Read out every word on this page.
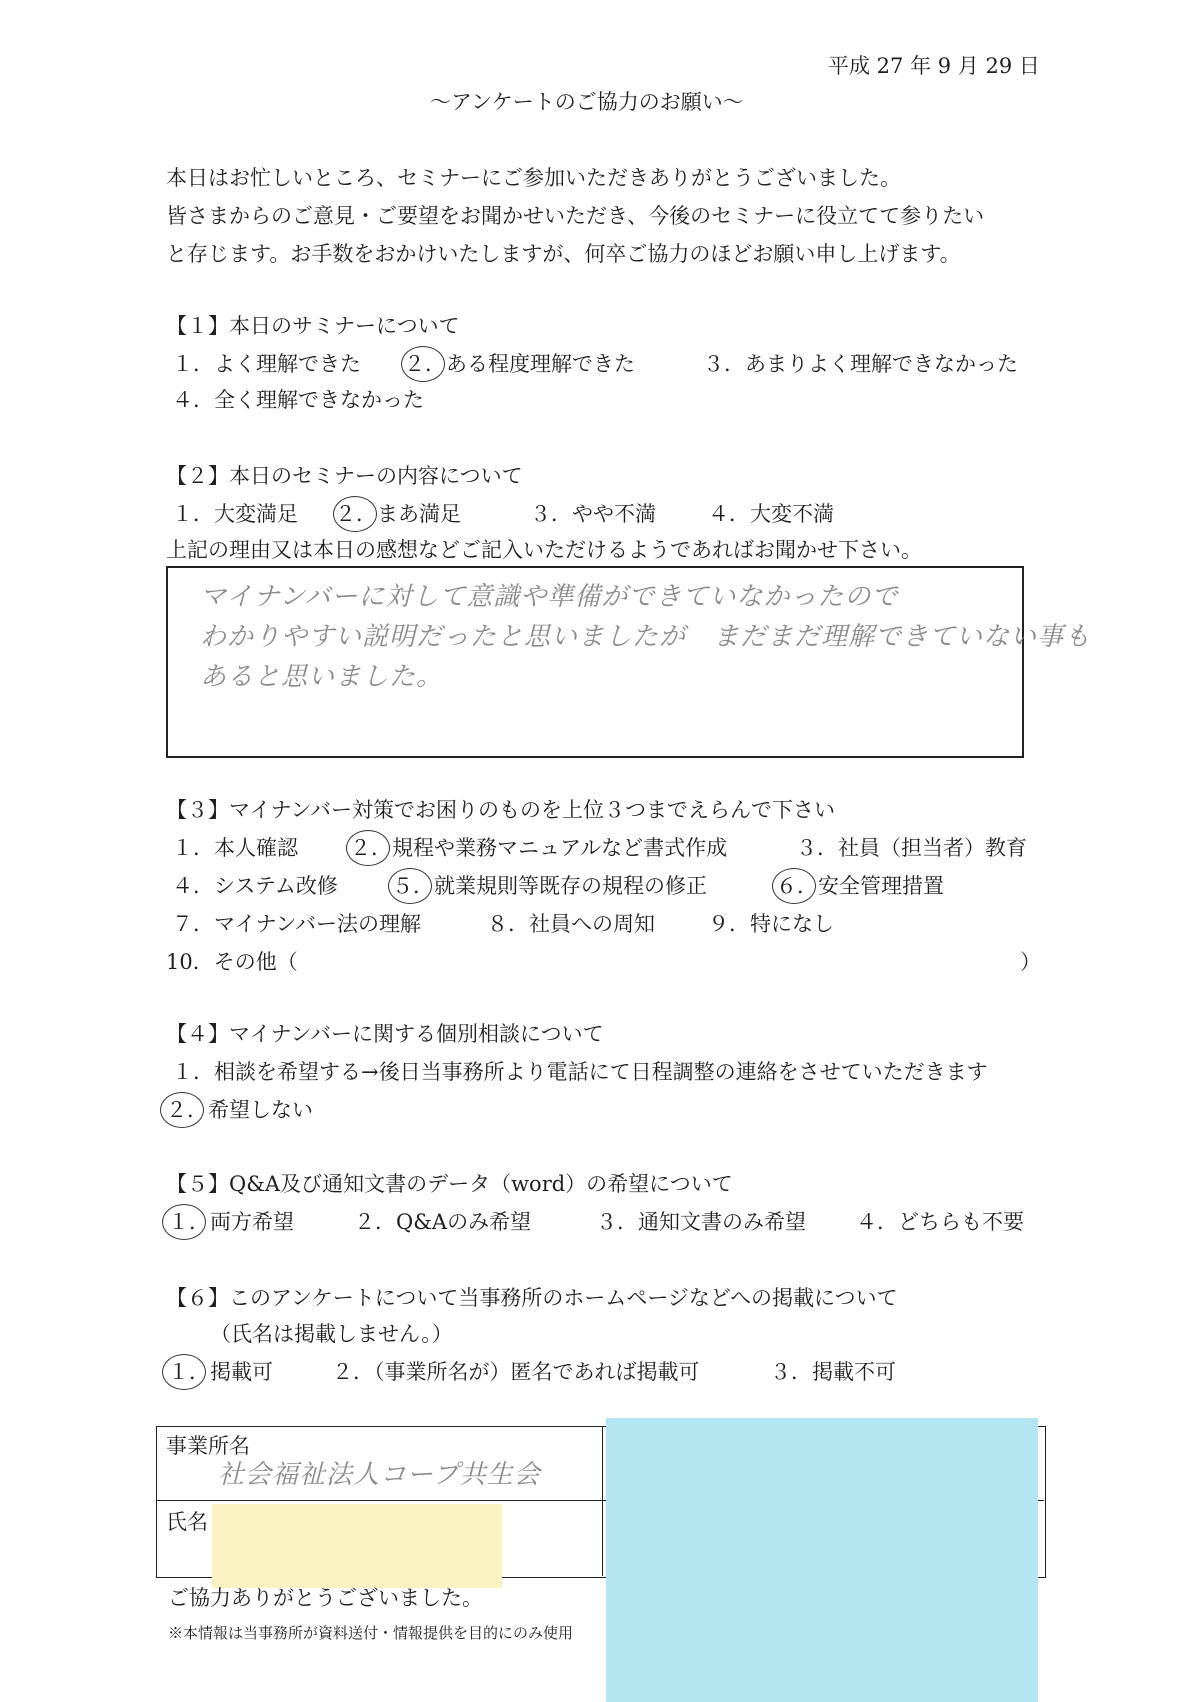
平成 27 年 9 月 29 日
～アンケートのご協力のお願い～
本日はお忙しいところ、セミナーにご参加いただきありがとうございました。
皆さまからのご意見・ご要望をお聞かせいただき、今後のセミナーに役立てて参りたい
と存じます。お手数をおかけいたしますが、何卒ご協力のほどお願い申し上げます。
【１】本日のサミナーについて
１．よく理解できた ２．ある程度理解できた	３．あまりよく理解できなかった
４．全く理解できなかった
【２】本日のセミナーの内容について
１．大変満足 ２．まあ満足	３．やや不満 ４．大変不満
上記の理由又は本日の感想などご記入いただけるようであればお聞かせ下さい。
マイナンバーに対して意識や準備ができていなかったので
わかりやすい説明だったと思いましたが　まだまだ理解できていない事も
あると思いました。
【３】マイナンバー対策でお困りのものを上位３つまでえらんで下さい
１．本人確認 ２．規程や業務マニュアルなど書式作成	３．社員（担当者）教育
４．システム改修	５．就業規則等既存の規程の修正	６．安全管理措置
７．マイナンバー法の理解	８．社員への周知	９．特になし
10．その他（	）
【４】マイナンバーに関する個別相談について
１．相談を希望する→後日当事務所より電話にて日程調整の連絡をさせていただきます
２．希望しない
【５】Q&A及び通知文書のデータ（word）の希望について
１．両方希望	２．Q&Aのみ希望	３．通知文書のみ希望 ４．どちらも不要
【６】このアンケートについて当事務所のホームページなどへの掲載について
（氏名は掲載しません。）
１．掲載可	２．（事業所名が）匿名であれば掲載可	３．掲載不可
事業所名
社会福祉法人コープ共生会
氏名
ご協力ありがとうございました。
※本情報は当事務所が資料送付・情報提供を目的にのみ使用
